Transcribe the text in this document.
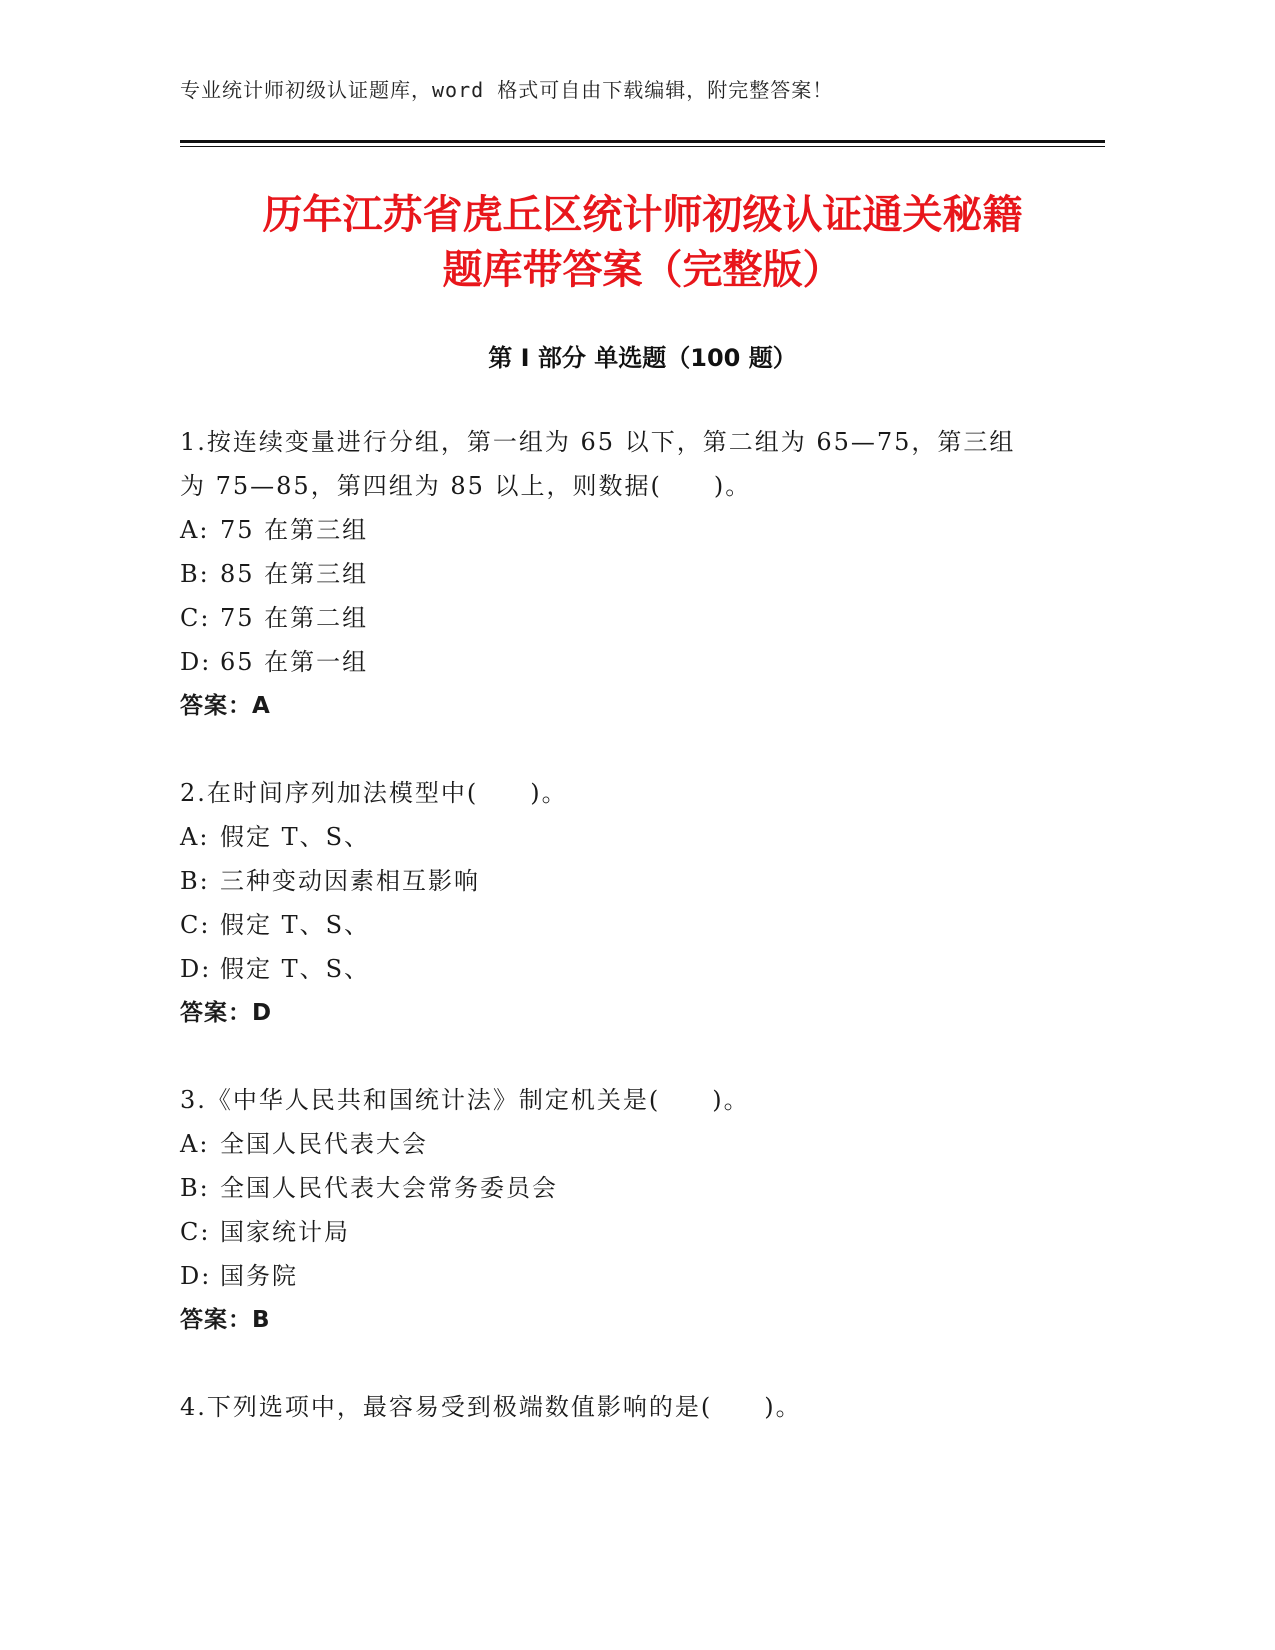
专业统计师初级认证题库，word 格式可自由下载编辑，附完整答案！
历年江苏省虎丘区统计师初级认证通关秘籍
题库带答案（完整版）
第 I 部分 单选题（100 题）
1.按连续变量进行分组，第一组为 65 以下，第二组为 65—75，第三组为 75—85，第四组为 85 以上，则数据(　　)。
A: 75 在第三组
B: 85 在第三组
C: 75 在第二组
D: 65 在第一组
答案：A
2.在时间序列加法模型中(　　)。
A: 假定 T、S、
B: 三种变动因素相互影响
C: 假定 T、S、
D: 假定 T、S、
答案：D
3.《中华人民共和国统计法》制定机关是(　　)。
A: 全国人民代表大会
B: 全国人民代表大会常务委员会
C: 国家统计局
D: 国务院
答案：B
4.下列选项中，最容易受到极端数值影响的是(　　)。
